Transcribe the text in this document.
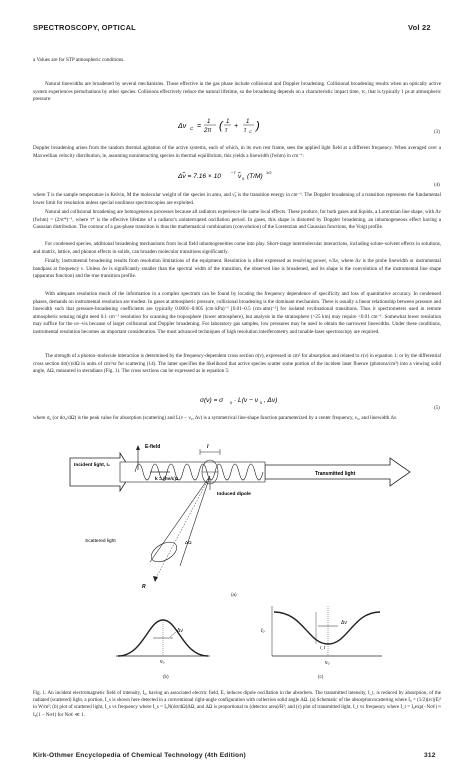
SPECTROSCOPY, OPTICAL	Vol 22
a Values are for STP atmospheric conditions.
Natural linewidths are broadened by several mechanisms. Those effective in the gas phase include collisional and Doppler broadening. Collisional broadening results when an optically active system experiences perturbations by other species. Collisions effectively reduce the natural lifetime, so the broadening depends on a characteristic impact time, τc, that is typically 1 ps at atmospheric pressure:
Δν C =
1
2π ( 1
τ
+
1
τ C )
(3)
Doppler broadening arises from the random thermal agitation of the active systems, each of which, in its own rest frame, sees the applied light field at a different frequency. When averaged over a Maxwellian velocity distribution, ie, assuming noninteracting species in thermal equilibrium, this yields a linewidth (fwhm) in cm⁻¹:
Δν̃ = 7.16 × 10
−7
ν̃ 0 (T/M)
1/2
(4)
where T is the sample temperature in Kelvin, M the molecular weight of the species in amu, and ν̃₀ is the transition energy in cm⁻¹. The Doppler broadening of a transition represents the fundamental lower limit for resolution unless special nonlinear spectroscopies are exploited.
Natural and collisional broadening are homogeneous processes because all radiators experience the same local effects. These produce, for both gases and liquids, a Lorentzian line shape, with Δν (fwhm) = (2πτ*)⁻¹, where τ* is the effective lifetime of a radiator's uninterrupted oscillation period. In gases, this shape is distorted by Doppler broadening, an inhomogeneous effect having a Gaussian distribution. The contour of a gas-phase transition is thus the mathematical combination (convolution) of the Lorentzian and Gaussian functions, the Voigt profile.
For condensed species, additional broadening mechanisms from local field inhomogeneities come into play. Short-range intermolecular interactions, including solute–solvent effects in solutions, and matrix, lattice, and phonon effects in solids, can broaden molecular transitions significantly.
Finally, instrumental broadening results from resolution limitations of the equipment. Resolution is often expressed as resolving power, ν/Δν, where Δν is the probe linewidth or instrumental bandpass at frequency ν. Unless Δν is significantly smaller than the spectral width of the transition, the observed line is broadened, and its shape is the convolution of the instrumental line shape (apparatus function) and the true transition profile.
With adequate resolution much of the information in a complex spectrum can be found by locating the frequency dependence of specificity and loss of quantitative accuracy. In condensed phases, demands on instrumental resolution are modest. In gases at atmospheric pressure, collisional broadening is the dominant mechanism. There is usually a linear relationship between pressure and linewidth such that pressure-broadening coefficients are typically 0.0001–0.005 (cm·kPa)⁻¹ [0.01–0.5 (cm·atm)⁻¹] for isolated rovibrational transitions. Thus it spectrometers used in remote atmospheric sensing might need 0.1 cm⁻¹ resolution for scanning the troposphere (lower atmosphere), but analysis in the stratosphere (>25 km) may require <0.01 cm⁻¹. Somewhat lower resolution may suffice for the uv–vis because of larger collisional and Doppler broadening. For laboratory gas samples, low pressures may be used to obtain the narrowest linewidths. Under these conditions, instrumental resolution becomes an important consideration. The most advanced techniques of high resolution interferometry and tunable-laser spectroscopy are required.
The strength of a photon–molecule interaction is determined by the frequency-dependent cross section σ(ν), expressed in cm² for absorption and related to ε(ν) in equation 1; or by the differential cross section dσ(ν)/dΩ in units of cm²/sr for scattering (14). The latter specifies the likelihood that active species scatter some portion of the incident laser fluence (photons/cm²) into a viewing solid angle, ΔΩ, measured in steradians (Fig. 1). The cross sections can be expressed as in equation 5:
σ(ν) = σ 0 · L(ν − ν 0 , Δν)
(5)
where σ₀ (or dσ₀/dΩ) is the peak value for absorption (scattering) and L(ν − ν₀, Δν) is a symmetrical line-shape function parameterized by a center frequency, ν₀, and linewidth Δν.
E-field
Incident light, I₀
k = (hν/c)z
I
Induced dipole
Transmitted light
Scattered light
R
ΔΩ
(a)
Δν
ν₀
(b)
I₀
I_t
Δν
ν₀
(c)
Fig. 1. An incident electromagnetic field of intensity, I₀, having an associated electric field, E, induces dipole oscillation in the absorbers. The transmitted intensity, I_t, is reduced by absorption, of the radiated (scattered) light, a portion, I_s is shown here detected in a conventional right-angle configuration with collection solid angle ΔΩ. (a) Schematic of the absorption/scattering where I₀ = (1/2)(εc)|E|² in W/m²; (b) plot of scattered light, I_s vs frequency where I_s = I₀N(dσ/dΩ)ΔΩ, and ΔΩ is proportional to (detector area)/R²; and (c) plot of transmitted light, I_t vs frequency where I_t = I₀exp(−Nσℓ) ≈ I₀(1 − Nσℓ) for Nσℓ ≪ 1.
Kirk-Othmer Encyclopedia of Chemical Technology (4th Edition)	312
